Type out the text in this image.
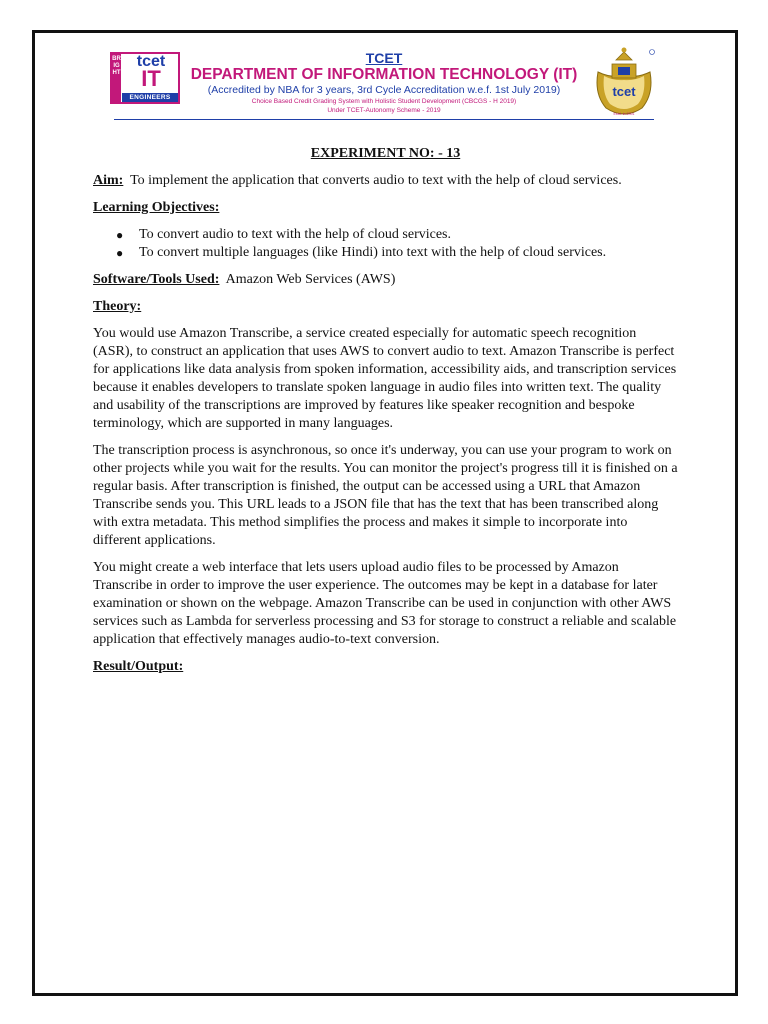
BRIGHT
tcet
IT
ENGINEERS
TCET
DEPARTMENT OF INFORMATION TECHNOLOGY (IT)
(Accredited by NBA for 3 years, 3rd Cycle Accreditation w.e.f. 1st July 2019)
Choice Based Credit Grading System with Holistic Student Development (CBCGS - H 2019)
Under TCET-Autonomy Scheme - 2019
tcet
Estd. in 2001
EXPERIMENT NO: - 13

Aim: To implement the application that converts audio to text with the help of cloud services.

Learning Objectives:

● To convert audio to text with the help of cloud services.
● To convert multiple languages (like Hindi) into text with the help of cloud services.

Software/Tools Used: Amazon Web Services (AWS)

Theory:

You would use Amazon Transcribe, a service created especially for automatic speech recognition (ASR), to construct an application that uses AWS to convert audio to text. Amazon Transcribe is perfect for applications like data analysis from spoken information, accessibility aids, and transcription services because it enables developers to translate spoken language in audio files into written text. The quality and usability of the transcriptions are improved by features like speaker recognition and bespoke terminology, which are supported in many languages.

The transcription process is asynchronous, so once it's underway, you can use your program to work on other projects while you wait for the results. You can monitor the project's progress till it is finished on a regular basis. After transcription is finished, the output can be accessed using a URL that Amazon Transcribe sends you. This URL leads to a JSON file that has the text that has been transcribed along with extra metadata. This method simplifies the process and makes it simple to incorporate into different applications.

You might create a web interface that lets users upload audio files to be processed by Amazon Transcribe in order to improve the user experience. The outcomes may be kept in a database for later examination or shown on the webpage. Amazon Transcribe can be used in conjunction with other AWS services such as Lambda for serverless processing and S3 for storage to construct a reliable and scalable application that effectively manages audio-to-text conversion.

Result/Output:
